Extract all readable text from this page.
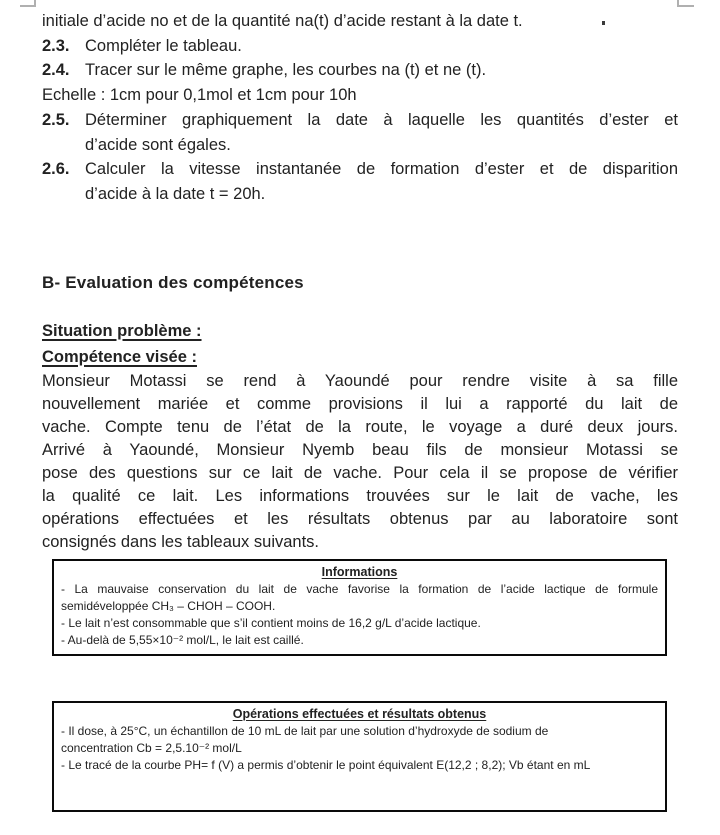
initiale d’acide no et de la quantité na(t) d’acide restant à la date t.
2.3. Compléter le tableau.
2.4. Tracer sur le même graphe, les courbes na (t) et ne (t).
Echelle : 1cm pour 0,1mol et 1cm pour 10h
2.5. Déterminer graphiquement la date à laquelle les quantités d’ester et
d’acide sont égales.
2.6. Calculer la vitesse instantanée de formation d’ester et de disparition
d’acide à la date t = 20h.
B- Evaluation des compétences
Situation problème :
Compétence visée :
Monsieur Motassi se rend à Yaoundé pour rendre visite à sa fille
nouvellement mariée et comme provisions il lui a rapporté du lait de
vache. Compte tenu de l’état de la route, le voyage a duré deux jours.
Arrivé à Yaoundé, Monsieur Nyemb beau fils de monsieur Motassi se
pose des questions sur ce lait de vache. Pour cela il se propose de vérifier
la qualité ce lait. Les informations trouvées sur le lait de vache, les
opérations effectuées et les résultats obtenus par au laboratoire sont
consignés dans les tableaux suivants.
Informations
- La mauvaise conservation du lait de vache favorise la formation de l’acide lactique de formule
semidéveloppée CH₃ – CHOH – COOH.
- Le lait n’est consommable que s’il contient moins de 16,2 g/L d’acide lactique.
- Au-delà de 5,55×10⁻² mol/L, le lait est caillé.
Opérations effectuées et résultats obtenus
- Il dose, à 25°C, un échantillon de 10 mL de lait par une solution d’hydroxyde de sodium de
concentration Cb = 2,5.10⁻² mol/L
- Le tracé de la courbe PH= f (V) a permis d’obtenir le point équivalent E(12,2 ; 8,2); Vb étant en mL
